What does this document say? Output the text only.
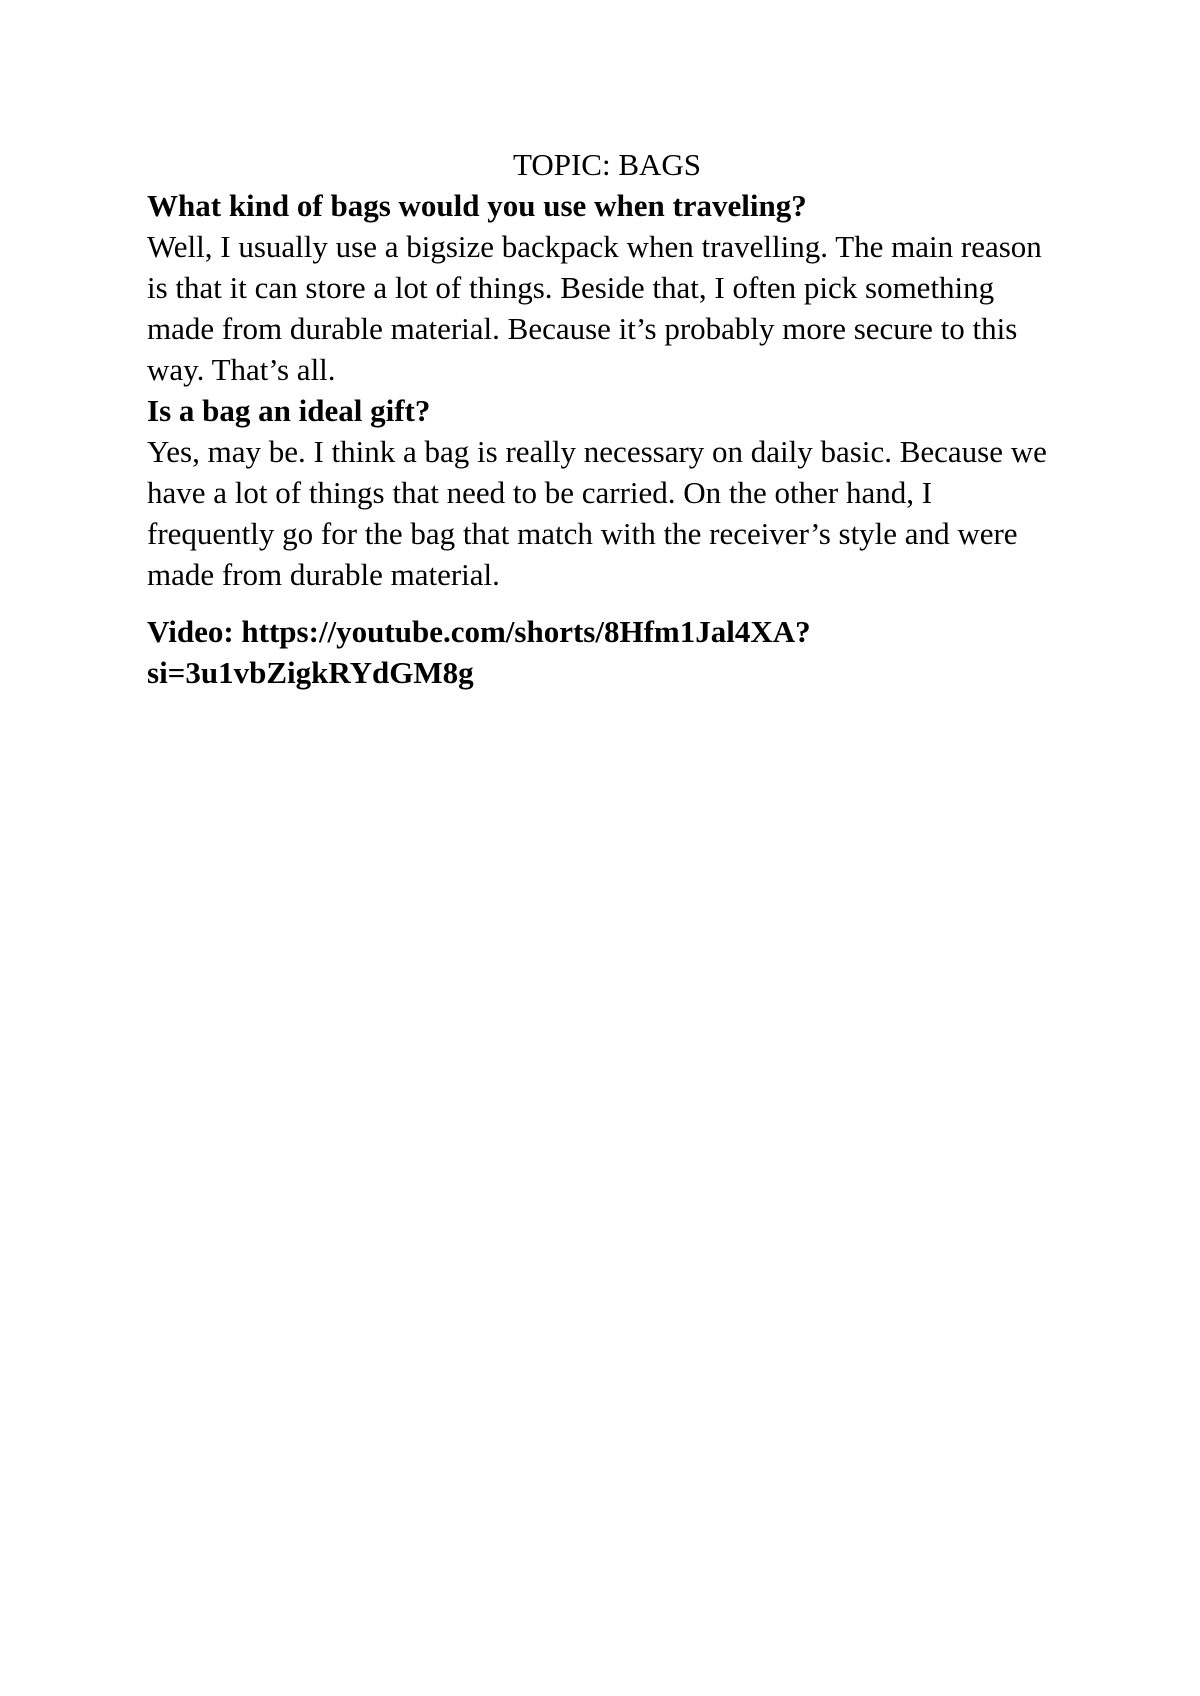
TOPIC: BAGS

What kind of bags would you use when traveling?

Well, I usually use a bigsize backpack when travelling. The main reason is that it can store a lot of things. Beside that, I often pick something made from durable material. Because it’s probably more secure to this way. That’s all.

Is a bag an ideal gift?

Yes, may be. I think a bag is really necessary on daily basic. Because we have a lot of things that need to be carried. On the other hand, I frequently go for the bag that match with the receiver’s style and were made from durable material.

Video: https://youtube.com/shorts/8Hfm1Jal4XA?
si=3u1vbZigkRYdGM8g
